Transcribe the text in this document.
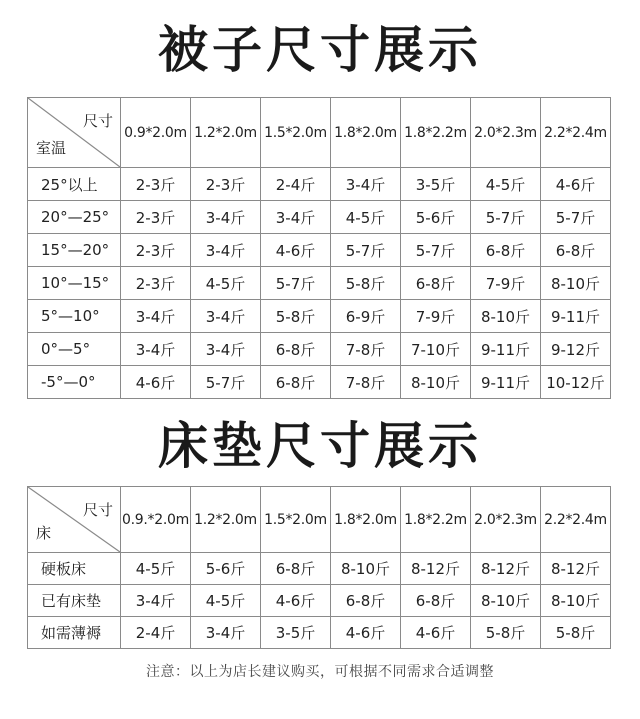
被子尺寸展示
尺寸
室温	0.9*2.0m	1.2*2.0m	1.5*2.0m	1.8*2.0m	1.8*2.2m	2.0*2.3m	2.2*2.4m
25°以上	2-3斤	2-3斤	2-4斤	3-4斤	3-5斤	4-5斤	4-6斤
20°—25°	2-3斤	3-4斤	3-4斤	4-5斤	5-6斤	5-7斤	5-7斤
15°—20°	2-3斤	3-4斤	4-6斤	5-7斤	5-7斤	6-8斤	6-8斤
10°—15°	2-3斤	4-5斤	5-7斤	5-8斤	6-8斤	7-9斤	8-10斤
5°—10°	3-4斤	3-4斤	5-8斤	6-9斤	7-9斤	8-10斤	9-11斤
0°—5°	3-4斤	3-4斤	6-8斤	7-8斤	7-10斤	9-11斤	9-12斤
-5°—0°	4-6斤	5-7斤	6-8斤	7-8斤	8-10斤	9-11斤	10-12斤
床垫尺寸展示
尺寸
床	0.9.*2.0m	1.2*2.0m	1.5*2.0m	1.8*2.0m	1.8*2.2m	2.0*2.3m	2.2*2.4m
硬板床	4-5斤	5-6斤	6-8斤	8-10斤	8-12斤	8-12斤	8-12斤
已有床垫	3-4斤	4-5斤	4-6斤	6-8斤	6-8斤	8-10斤	8-10斤
如需薄褥	2-4斤	3-4斤	3-5斤	4-6斤	4-6斤	5-8斤	5-8斤
注意：以上为店长建议购买，可根据不同需求合适调整
